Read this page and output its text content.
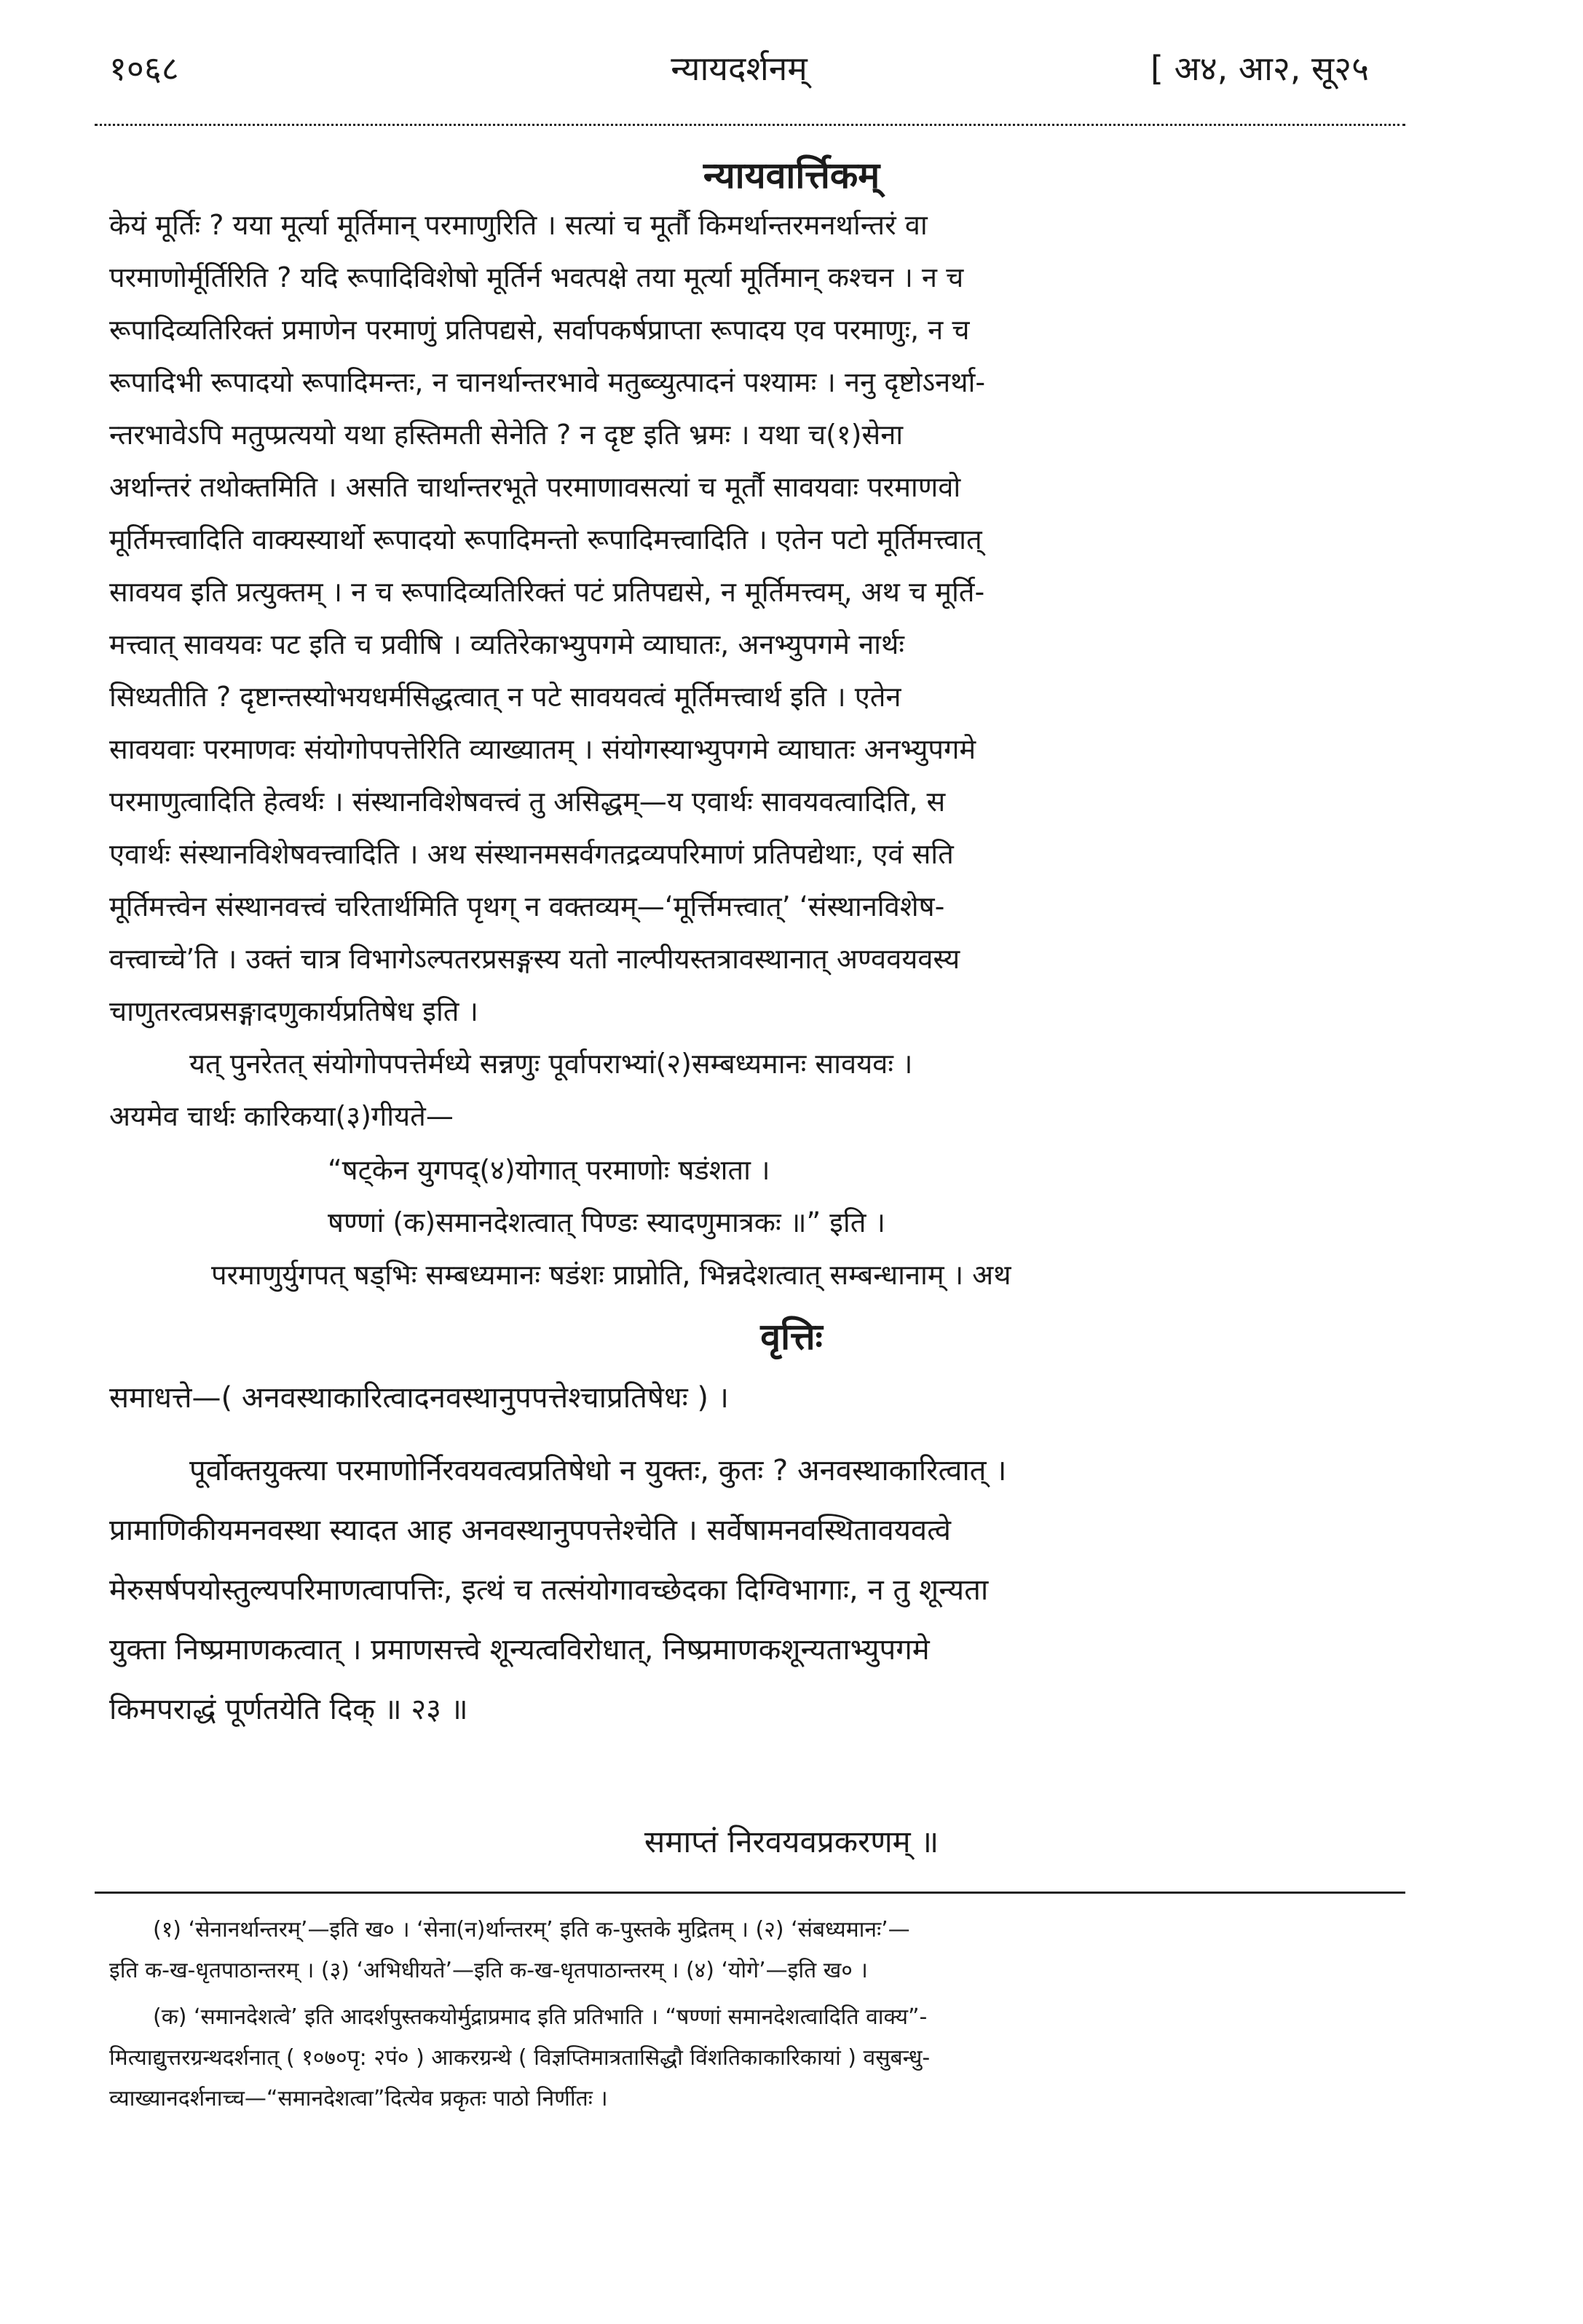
१०६८	न्यायदर्शनम्	[ अ४, आ२, सू२५
न्यायवार्त्तिकम्
केयं मूर्तिः ? यया मूर्त्या मूर्तिमान् परमाणुरिति । सत्यां च मूर्तौ किमर्थान्तरमनर्थान्तरं वा
परमाणोर्मूर्तिरिति ? यदि रूपादिविशेषो मूर्तिर्न भवत्पक्षे तया मूर्त्या मूर्तिमान् कश्चन । न च
रूपादिव्यतिरिक्तं प्रमाणेन परमाणुं प्रतिपद्यसे, सर्वापकर्षप्राप्ता रूपादय एव परमाणुः, न च
रूपादिभी रूपादयो रूपादिमन्तः, न चानर्थान्तरभावे मतुब्व्युत्पादनं पश्यामः । ननु दृष्टोऽनर्था-
न्तरभावेऽपि मतुप्प्रत्ययो यथा हस्तिमती सेनेति ? न दृष्ट इति भ्रमः । यथा च(१)सेना
अर्थान्तरं तथोक्तमिति । असति चार्थान्तरभूते परमाणावसत्यां च मूर्तौ सावयवाः परमाणवो
मूर्तिमत्त्वादिति वाक्यस्यार्थो रूपादयो रूपादिमन्तो रूपादिमत्त्वादिति । एतेन पटो मूर्तिमत्त्वात्
सावयव इति प्रत्युक्तम् । न च रूपादिव्यतिरिक्तं पटं प्रतिपद्यसे, न मूर्तिमत्त्वम्, अथ च मूर्ति-
मत्त्वात् सावयवः पट इति च प्रवीषि । व्यतिरेकाभ्युपगमे व्याघातः, अनभ्युपगमे नार्थः
सिध्यतीति ? दृष्टान्तस्योभयधर्मसिद्धत्वात् न पटे सावयवत्वं मूर्तिमत्त्वार्थ इति । एतेन
सावयवाः परमाणवः संयोगोपपत्तेरिति व्याख्यातम् । संयोगस्याभ्युपगमे व्याघातः अनभ्युपगमे
परमाणुत्वादिति हेत्वर्थः । संस्थानविशेषवत्त्वं तु असिद्धम्—य एवार्थः सावयवत्वादिति, स
एवार्थः संस्थानविशेषवत्त्वादिति । अथ संस्थानमसर्वगतद्रव्यपरिमाणं प्रतिपद्येथाः, एवं सति
मूर्तिमत्त्वेन संस्थानवत्त्वं चरितार्थमिति पृथग् न वक्तव्यम्—‘मूर्त्तिमत्त्वात्’ ‘संस्थानविशेष-
वत्त्वाच्चे’ति । उक्तं चात्र विभागेऽल्पतरप्रसङ्गस्य यतो नाल्पीयस्तत्रावस्थानात् अण्ववयवस्य
चाणुतरत्वप्रसङ्गादणुकार्यप्रतिषेध इति ।
यत् पुनरेतत् संयोगोपपत्तेर्मध्ये सन्नणुः पूर्वापराभ्यां(२)सम्बध्यमानः सावयवः ।
अयमेव चार्थः कारिकया(३)गीयते—
“षट्केन युगपद्(४)योगात् परमाणोः षडंशता ।
षण्णां (क)समानदेशत्वात् पिण्डः स्यादणुमात्रकः ॥” इति ।
परमाणुर्युगपत् षड्भिः सम्बध्यमानः षडंशः प्राप्नोति, भिन्नदेशत्वात् सम्बन्धानाम् । अथ
वृत्तिः
समाधत्ते—( अनवस्थाकारित्वादनवस्थानुपपत्तेश्चाप्रतिषेधः ) ।
पूर्वोक्तयुक्त्या परमाणोर्निरवयवत्वप्रतिषेधो न युक्तः, कुतः ? अनवस्थाकारित्वात् ।
प्रामाणिकीयमनवस्था स्यादत आह अनवस्थानुपपत्तेश्चेति । सर्वेषामनवस्थितावयवत्वे
मेरुसर्षपयोस्तुल्यपरिमाणत्वापत्तिः, इत्थं च तत्संयोगावच्छेदका दिग्विभागाः, न तु शून्यता
युक्ता निष्प्रमाणकत्वात् । प्रमाणसत्त्वे शून्यत्वविरोधात्, निष्प्रमाणकशून्यताभ्युपगमे
किमपराद्धं पूर्णतयेति दिक् ॥ २३ ॥
समाप्तं निरवयवप्रकरणम् ॥
(१) ‘सेनानर्थान्तरम्’—इति ख० । ‘सेना(न)र्थान्तरम्’ इति क-पुस्तके मुद्रितम् । (२) ‘संबध्यमानः’—
इति क-ख-धृतपाठान्तरम् । (३) ‘अभिधीयते’—इति क-ख-धृतपाठान्तरम् । (४) ‘योगे’—इति ख० ।
(क) ‘समानदेशत्वे’ इति आदर्शपुस्तकयोर्मुद्राप्रमाद इति प्रतिभाति । “षण्णां समानदेशत्वादिति वाक्य”-
मित्याद्युत्तरग्रन्थदर्शनात् ( १०७०पृ: २पं० ) आकरग्रन्थे ( विज्ञप्तिमात्रतासिद्धौ विंशतिकाकारिकायां ) वसुबन्धु-
व्याख्यानदर्शनाच्च—“समानदेशत्वा”दित्येव प्रकृतः पाठो निर्णीतः ।
